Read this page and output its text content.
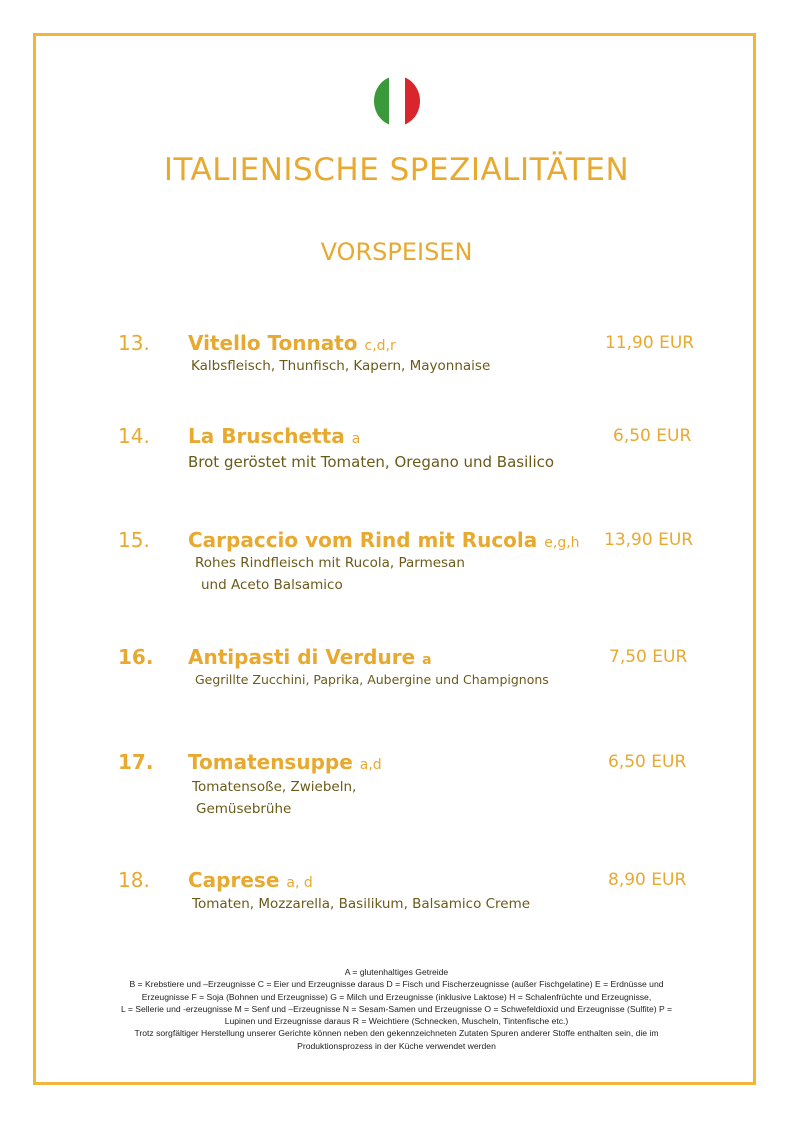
ITALIENISCHE SPEZIALITÄTEN
VORSPEISEN
13. Vitello Tonnato c,d,r	11,90 EUR
Kalbsfleisch, Thunfisch, Kapern, Mayonnaise
14. La Bruschetta a	6,50 EUR
Brot geröstet mit Tomaten, Oregano und Basilico
15. Carpaccio vom Rind mit Rucola e,g,h 13,90 EUR
Rohes Rindfleisch mit Rucola, Parmesan
und Aceto Balsamico
16. Antipasti di Verdure a	7,50 EUR
Gegrillte Zucchini, Paprika, Aubergine und Champignons
17. Tomatensuppe a,d	6,50 EUR
Tomatensoße, Zwiebeln,
Gemüsebrühe
18. Caprese a, d	8,90 EUR
Tomaten, Mozzarella, Basilikum, Balsamico Creme
A = glutenhaltiges Getreide
B = Krebstiere und –Erzeugnisse C = Eier und Erzeugnisse daraus D = Fisch und Fischerzeugnisse (außer Fischgelatine) E = Erdnüsse und
Erzeugnisse F = Soja (Bohnen und Erzeugnisse) G = Milch und Erzeugnisse (inklusive Laktose) H = Schalenfrüchte und Erzeugnisse,
L = Sellerie und -erzeugnisse M = Senf und –Erzeugnisse N = Sesam-Samen und Erzeugnisse O = Schwefeldioxid und Erzeugnisse (Sulfite) P =
Lupinen und Erzeugnisse daraus R = Weichtiere (Schnecken, Muscheln, Tintenfische etc.)
Trotz sorgfältiger Herstellung unserer Gerichte können neben den gekennzeichneten Zutaten Spuren anderer Stoffe enthalten sein, die im
Produktionsprozess in der Küche verwendet werden
